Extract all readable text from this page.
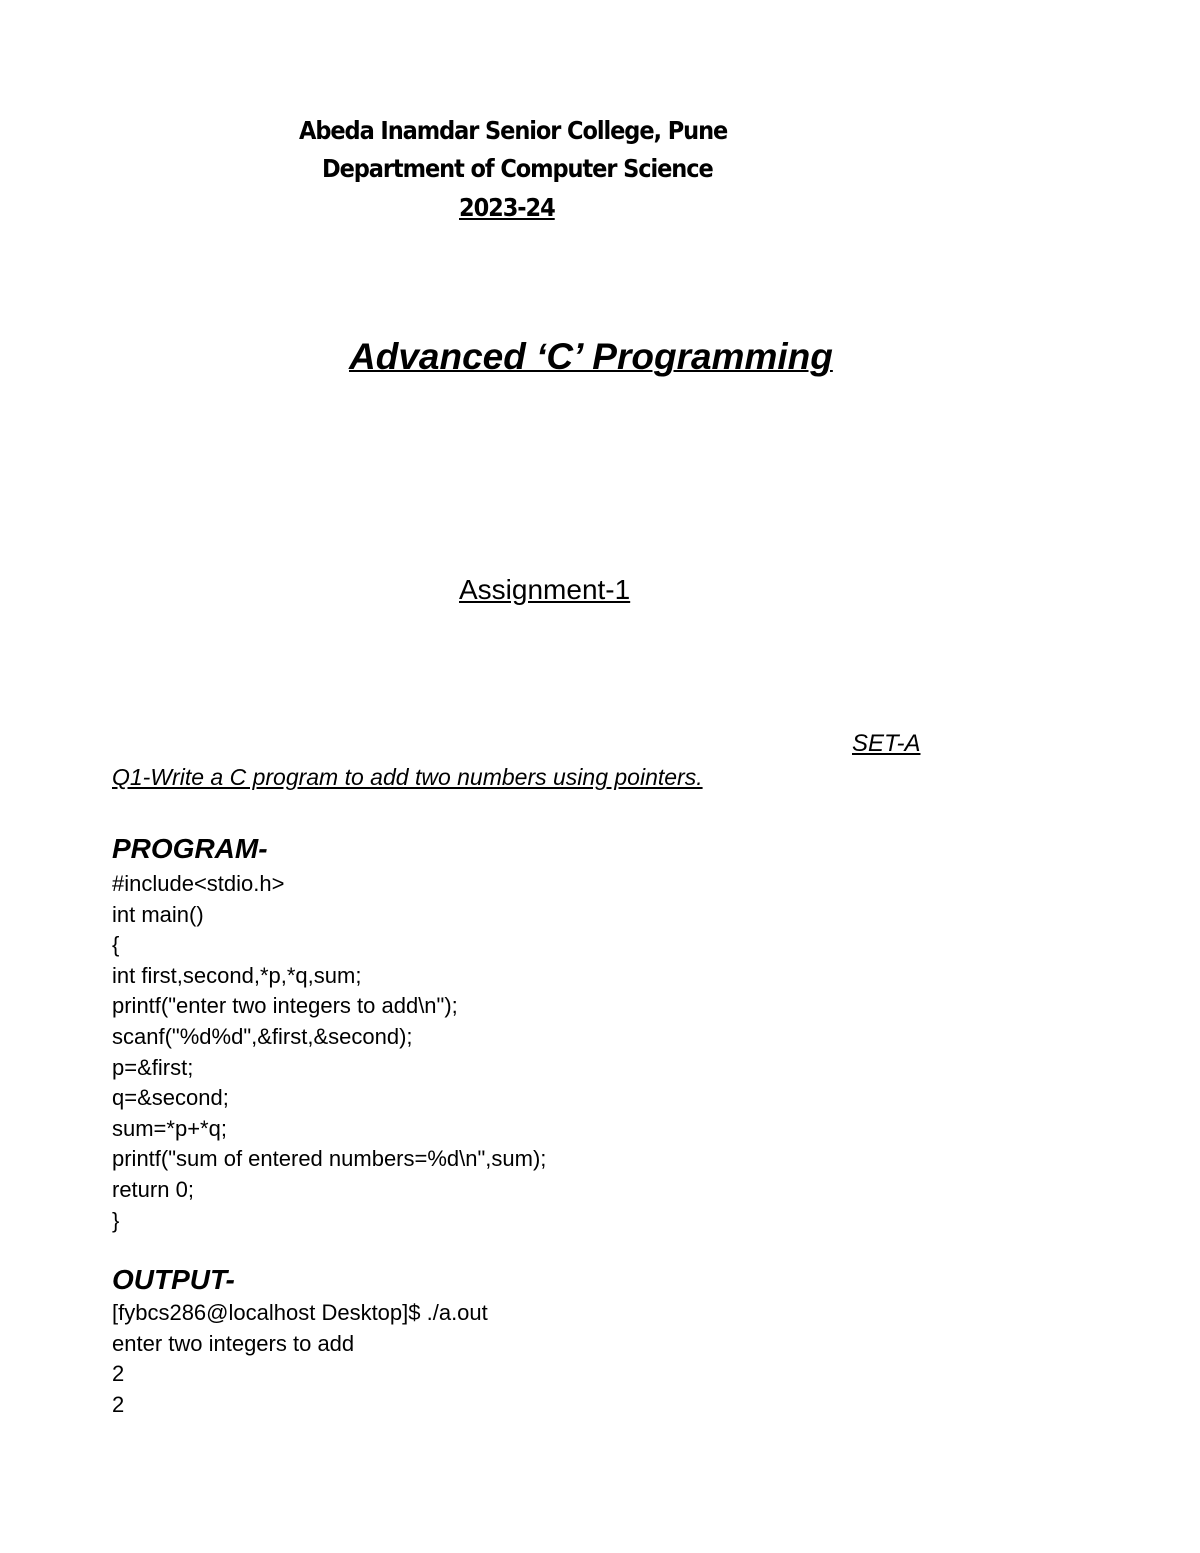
Abeda Inamdar Senior College, Pune
Department of Computer Science
2023-24
Advanced ‘C’ Programming
Assignment-1
SET-A
Q1-Write a C program to add two numbers using pointers.
PROGRAM-
#include<stdio.h>
int main()
{
int first,second,*p,*q,sum;
printf("enter two integers to add\n");
scanf("%d%d",&first,&second);
p=&first;
q=&second;
sum=*p+*q;
printf("sum of entered numbers=%d\n",sum);
return 0;
}
OUTPUT-
[fybcs286@localhost Desktop]$ ./a.out
enter two integers to add
2
2
